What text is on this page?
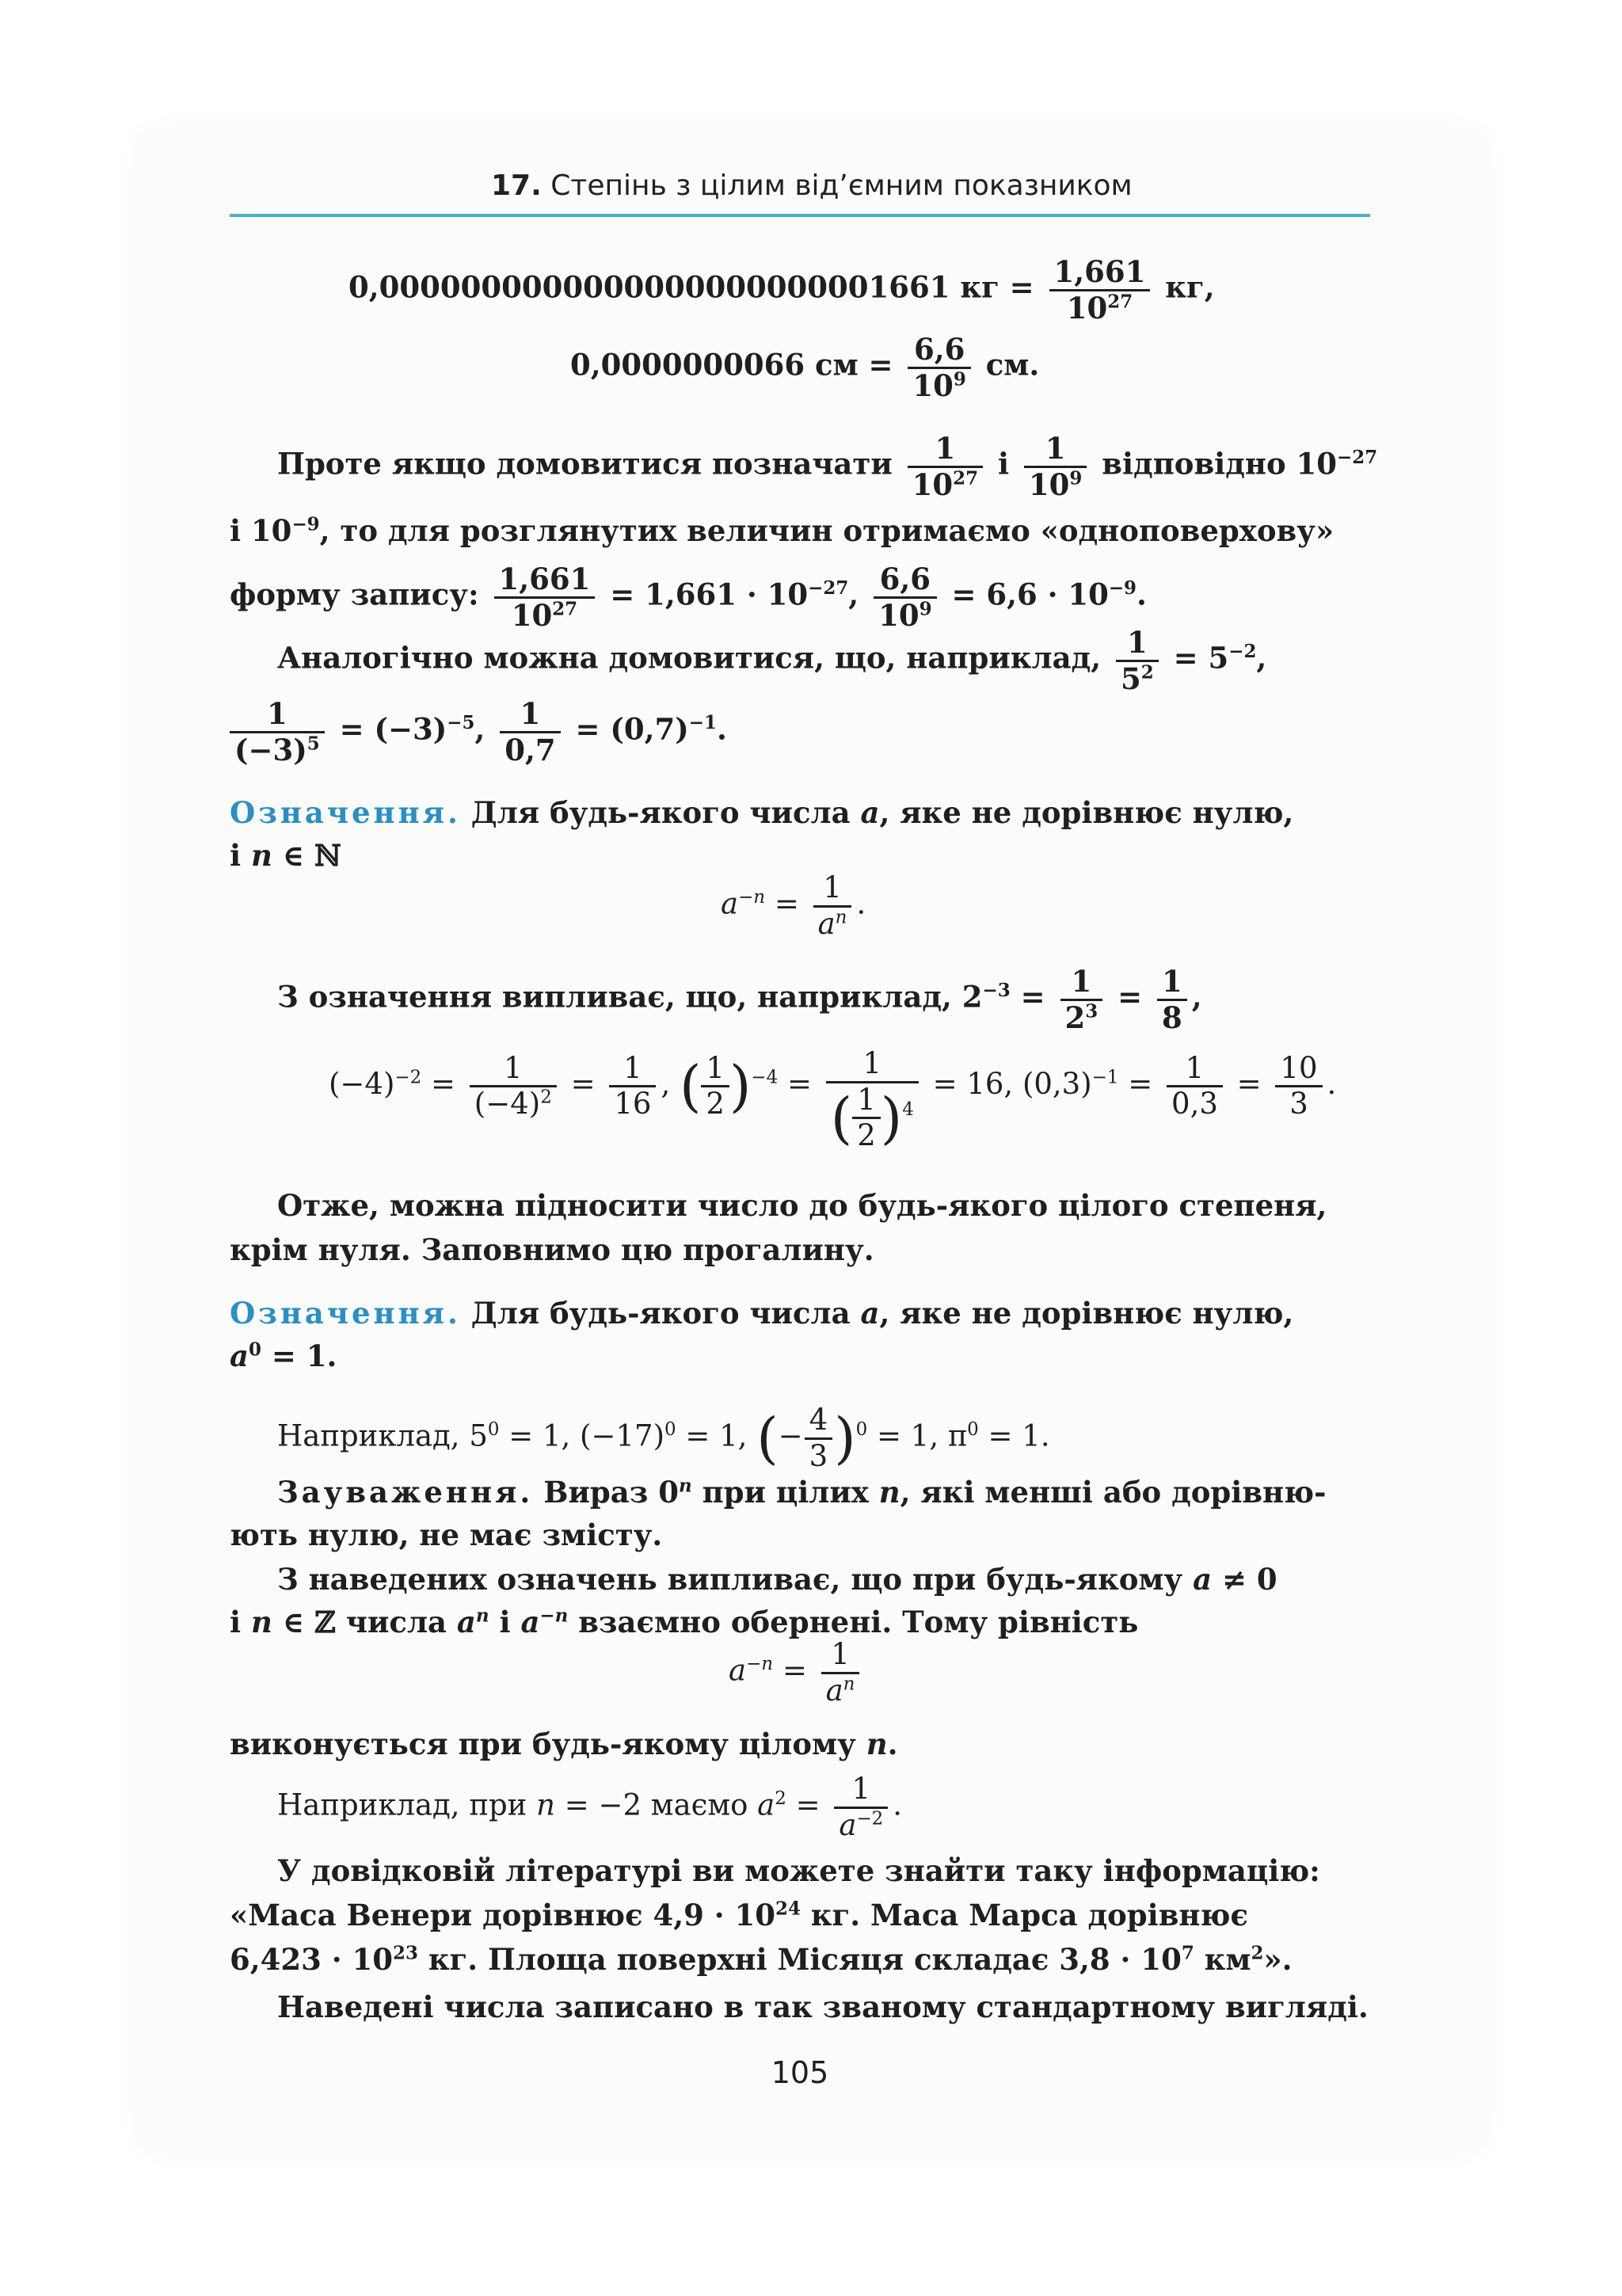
17. Степінь з цілим від’ємним показником
0,0000000000000000000000001661 кг = $\frac{1,661}{10^{27}}$ кг,
0,0000000066 см = $\frac{6,6}{10^9}$ см.
Проте якщо домовитися позначати $\frac{1}{10^{27}}$ і $\frac{1}{10^9}$ відповідно $10^{-27}$
і $10^{-9}$, то для розглянутих величин отримаємо «одноповерхову»
форму запису: $\frac{1,661}{10^{27}} = 1,661 \cdot 10^{-27}$, $\frac{6,6}{10^9} = 6,6 \cdot 10^{-9}$.
Аналогічно можна домовитися, що, наприклад, $\frac{1}{5^2} = 5^{-2}$,
$\frac{1}{(-3)^5} = (-3)^{-5}$, $\frac{1}{0,7} = (0,7)^{-1}$.
Означення. Для будь-якого числа a, яке не дорівнює нулю,
і n ∈ ℕ
$a^{-n} = \frac{1}{a^n}$ .
З означення випливає, що, наприклад, $2^{-3} = \frac{1}{2^3} = \frac{1}{8}$ ,
$(-4)^{-2} = \frac{1}{(-4)^2} = \frac{1}{16}$ , ( $\frac{1}{2} )^{-4} = \frac{1}{( \frac{1}{2} )^4} = 16$, $(0,3)^{-1} = \frac{1}{0,3} = \frac{10}{3}$ .
Отже, можна підносити число до будь-якого цілого степеня,
крім нуля. Заповнимо цю прогалину.
Означення. Для будь-якого числа a, яке не дорівнює нулю,
$a^0 = 1$.
Наприклад, $5^0 = 1$, $(-17)^0 = 1$, (− $\frac{4}{3} )^0 = 1$, $\pi^0 = 1$.
Зауваження. Вираз 0$^n$ при цілих n, які менші або дорівню-
ють нулю, не має змісту.
З наведених означень випливає, що при будь-якому a ≠ 0
і n ∈ ℤ числа $a^n$ і $a^{-n}$ взаємно обернені. Тому рівність
$a^{-n} = \frac{1}{a^n}$
виконується при будь-якому цілому n.
Наприклад, при n = −2 маємо $a^2 = \frac{1}{a^{-2}}$ .
У довідковій літературі ви можете знайти таку інформацію:
«Маса Венери дорівнює $4,9 \cdot 10^{24}$ кг. Маса Марса дорівнює
$6,423 \cdot 10^{23}$ кг. Площа поверхні Місяця складає $3,8 \cdot 10^7$ $км^2$».
Наведені числа записано в так званому стандартному вигляді.
105
